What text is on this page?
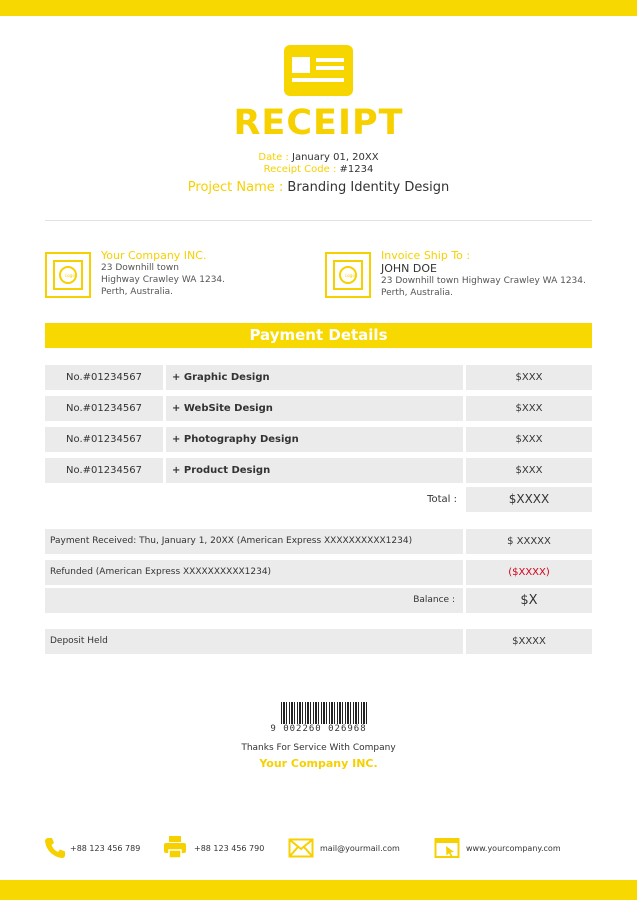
RECEIPT
Date : January 01, 20XX
Receipt Code : #1234
Project Name : Branding Identity Design
Logo
Your Company INC.
23 Downhill town
Highway Crawley WA 1234.
Perth, Australia.
Logo
Invoice Ship To :
JOHN DOE
23 Downhill town Highway Crawley WA 1234.
Perth, Australia.
Payment Details
No.#01234567	+ Graphic Design	$XXX
No.#01234567	+ WebSite Design	$XXX
No.#01234567	+ Photography Design	$XXX
No.#01234567	+ Product Design	$XXX
Total :	$XXXX
Payment Received: Thu, January 1, 20XX (American Express XXXXXXXXXX1234)	$ XXXXX
Refunded (American Express XXXXXXXXXX1234)	($XXXX)
Balance :	$X
Deposit Held	$XXXX
9 002260 026968
Thanks For Service With Company
Your Company INC.
+88 123 456 789	+88 123 456 790	mail@yourmail.com	www.yourcompany.com
